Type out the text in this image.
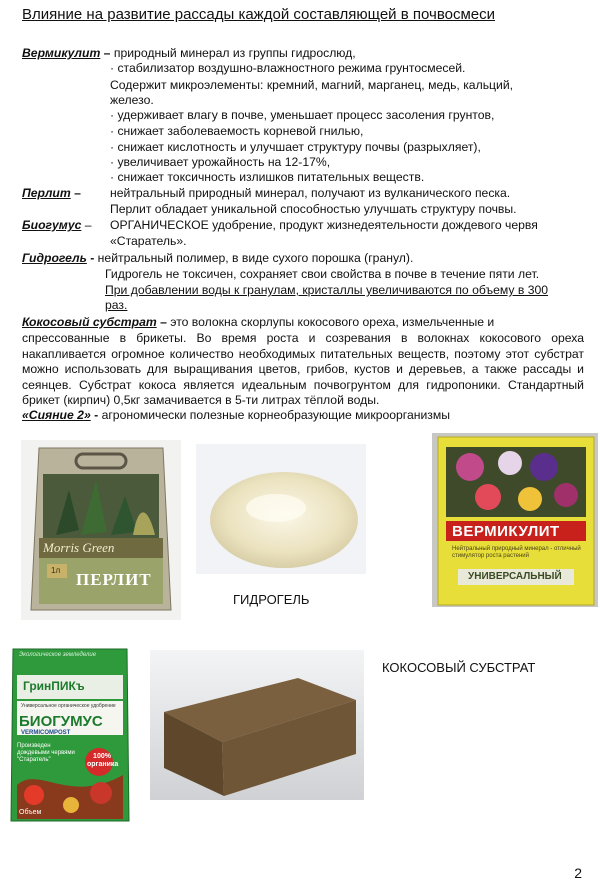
Влияние на развитие рассады каждой составляющей в почвосмеси
Вермикулит – природный минерал из группы гидрослюд,
· стабилизатор воздушно-влажностного режима грунтосмесей.
Содержит микроэлементы: кремний, магний, марганец, медь, кальций,
железо.
· удерживает влагу в почве, уменьшает процесс засоления грунтов,
· снижает заболеваемость корневой гнилью,
· снижает кислотность и улучшает структуру почвы (разрыхляет),
· увеличивает урожайность на 12-17%,
· снижает токсичность излишков питательных веществ.
Перлит – нейтральный природный минерал, получают из вулканического песка.
Перлит обладает уникальной способностью улучшать структуру почвы.
Биогумус – ОРГАНИЧЕСКОЕ удобрение, продукт жизнедеятельности дождевого червя
«Старатель».
Гидрогель - нейтральный полимер, в виде сухого порошка (гранул).
Гидрогель не токсичен, сохраняет свои свойства в почве в течение пяти лет.
При добавлении воды к гранулам, кристаллы увеличиваются по объему в 300
раз.
Кокосовый субстрат – это волокна скорлупы кокосового ореха, измельченные и
спрессованные в брикеты. Во время роста и созревания в волокнах кокосового ореха накапливается огромное количество необходимых питательных веществ, поэтому этот субстрат можно использовать для выращивания цветов, грибов, кустов и деревьев, а также рассады и сеянцев. Субстрат кокоса является идеальным почвогрунтом для гидропоники. Стандартный брикет (кирпич) 0,5кг замачивается в 5-ти литрах тёплой воды.
«Сияние 2» - агрономически полезные корнеобразующие микроорганизмы
Morris Green
1л ПЕРЛИТ
ГИДРОГЕЛЬ
ВЕРМИКУЛИТ
Нейтральный природный минерал - отличный стимулятор роста растений
УНИВЕРСАЛЬНЫЙ
Экологическое земледелие
ГринПИКъ
Универсальное органическое удобрение
БИОГУМУС
VERMICOMPOST
Произведен дождевыми червями "Старатель"	100% органика
Объем
КОКОСОВЫЙ СУБСТРАТ
2
